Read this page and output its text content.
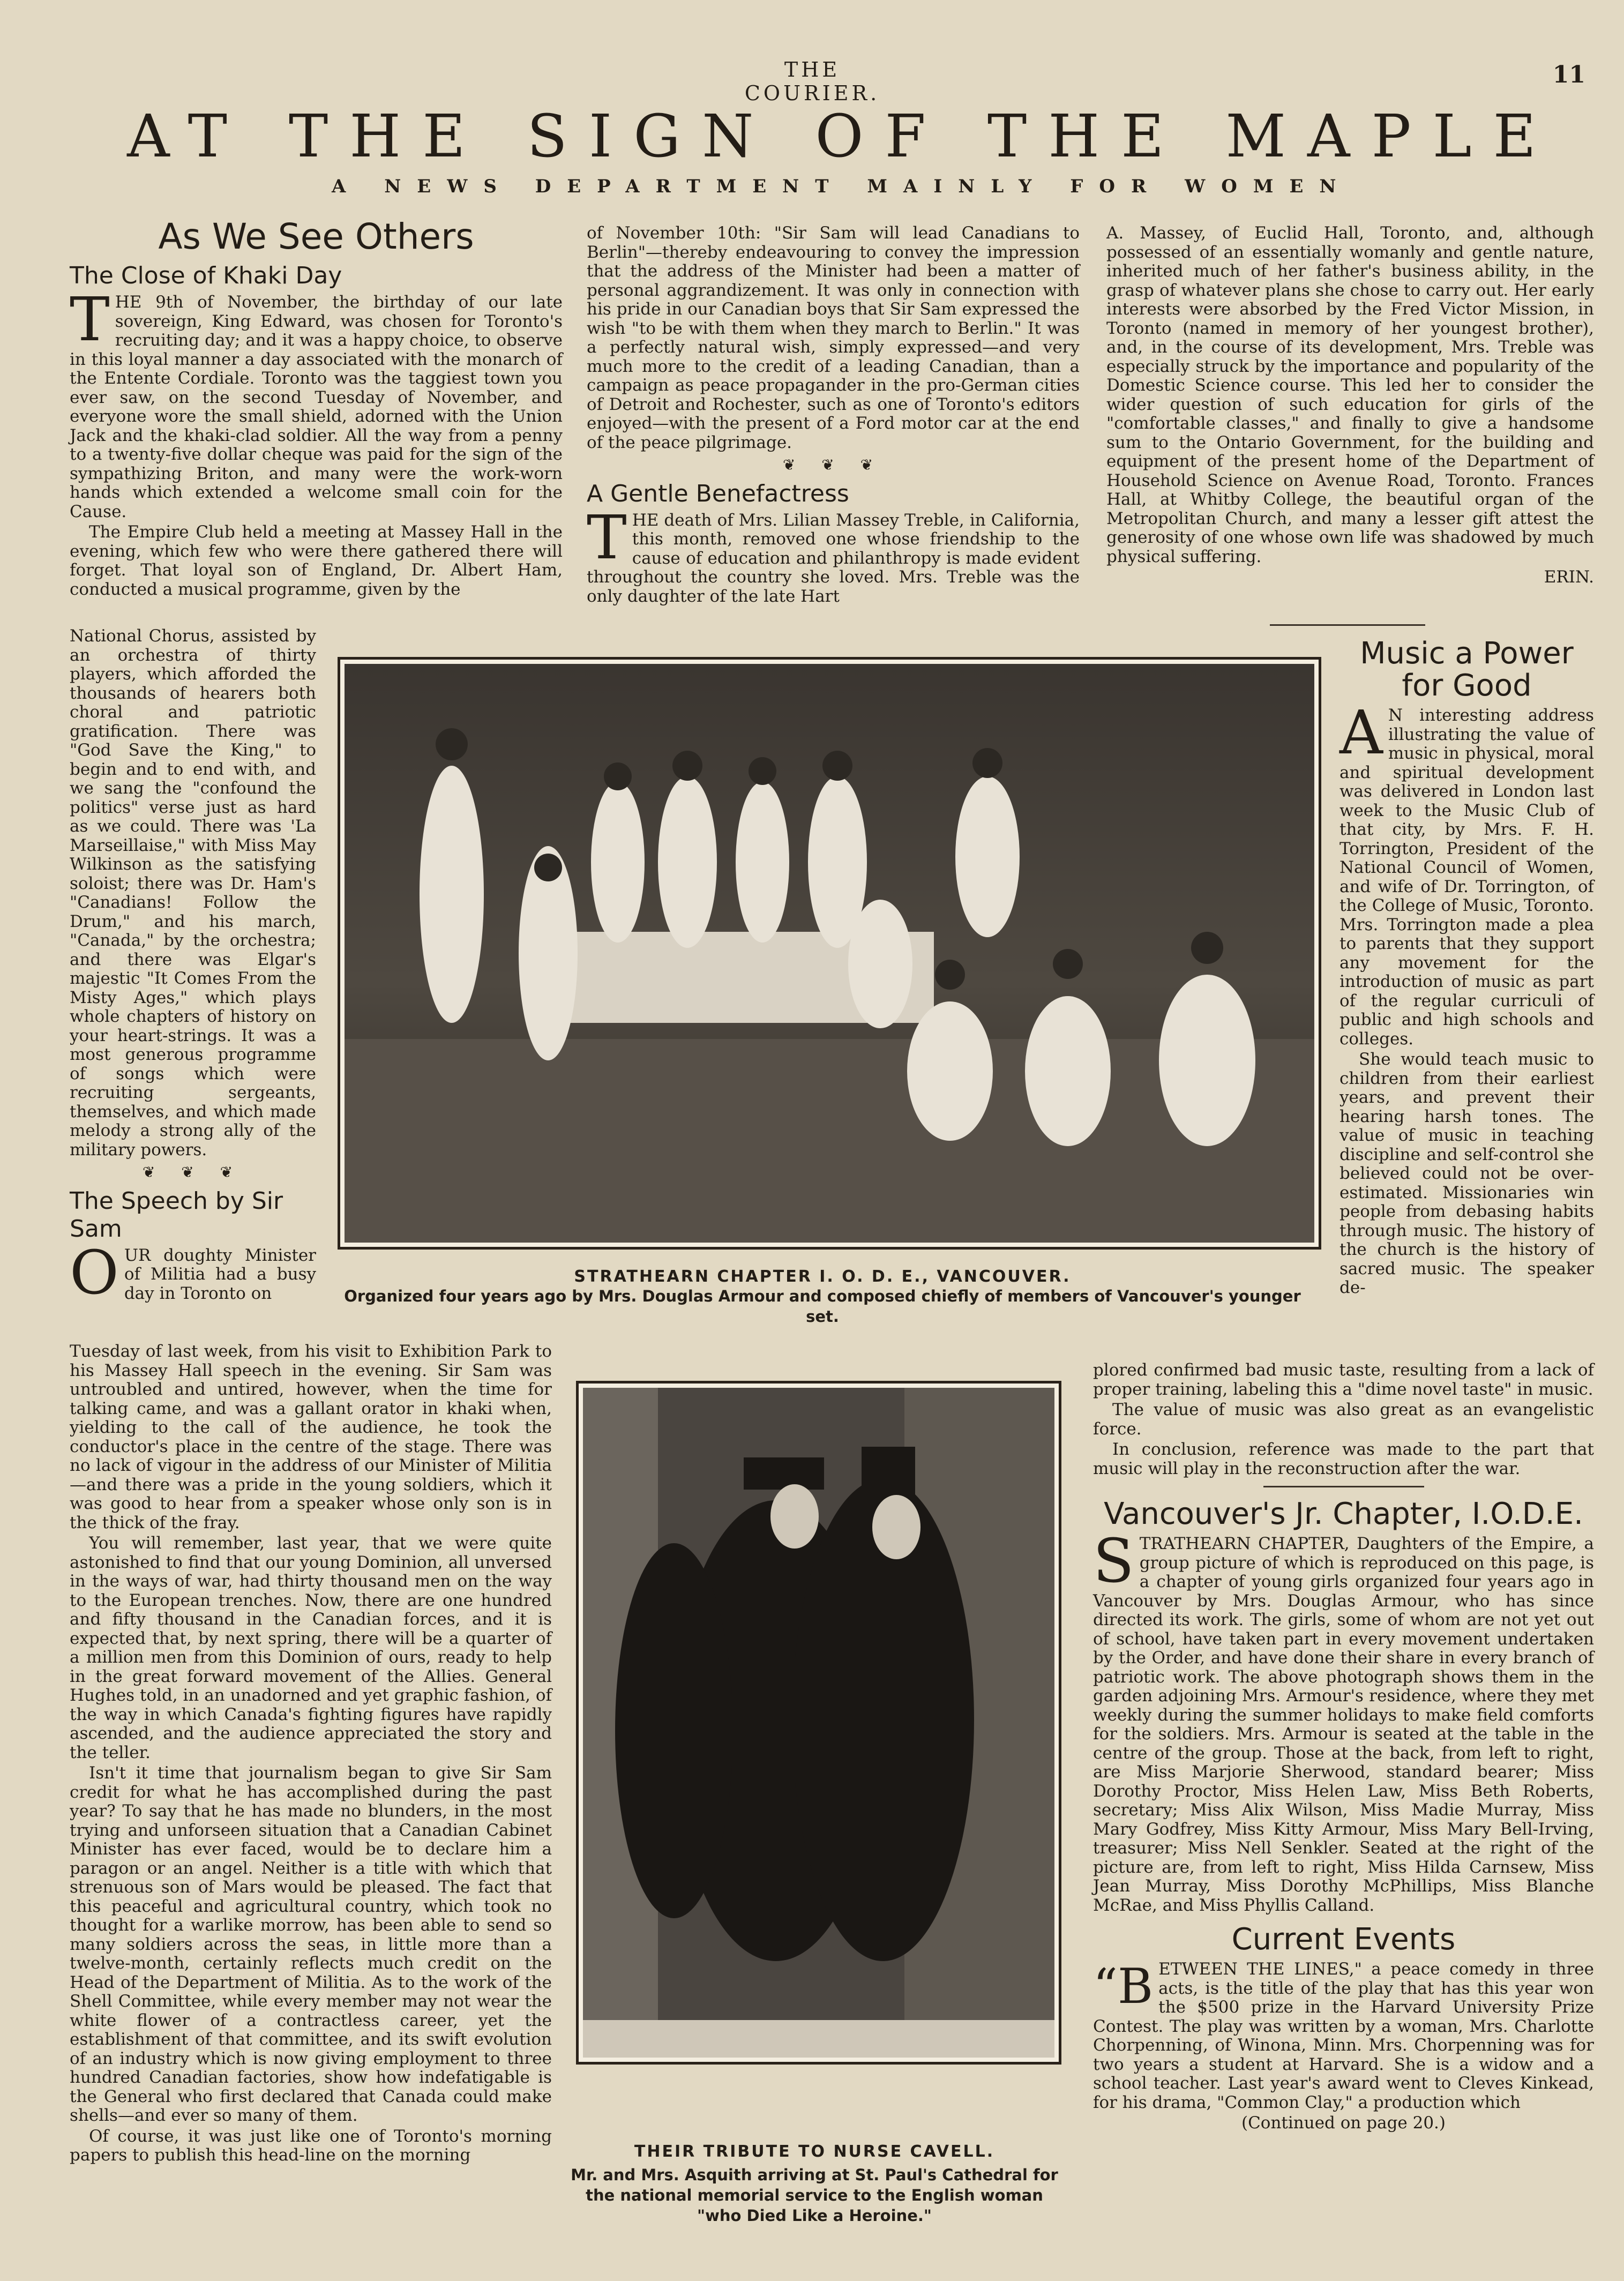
THE COURIER.
11
AT THE SIGN OF THE MAPLE
A NEWS DEPARTMENT MAINLY FOR WOMEN
As We See Others
The Close of Khaki Day

THE 9th of November, the birthday of our late sovereign, King Edward, was chosen for Toronto's recruiting day; and it was a happy choice, to observe in this loyal manner a day associated with the monarch of the Entente Cordiale. Toronto was the taggiest town you ever saw, on the second Tuesday of November, and everyone wore the small shield, adorned with the Union Jack and the khaki-clad soldier. All the way from a penny to a twenty-five dollar cheque was paid for the sign of the sympathizing Briton, and many were the work-worn hands which extended a welcome small coin for the Cause.

The Empire Club held a meeting at Massey Hall in the evening, which few who were there gathered there will forget. That loyal son of England, Dr. Albert Ham, conducted a musical programme, given by the

National Chorus, assisted by an orchestra of thirty players, which afforded the thousands of hearers both choral and patriotic gratification. There was "God Save the King," to begin and to end with, and we sang the "confound the politics" verse just as hard as we could. There was 'La Marseillaise," with Miss May Wilkinson as the satisfying soloist; there was Dr. Ham's "Canadians! Follow the Drum," and his march, "Canada," by the orchestra; and there was Elgar's majestic "It Comes From the Misty Ages," which plays whole chapters of history on your heart-strings. It was a most generous programme of songs which were recruiting sergeants, themselves, and which made melody a strong ally of the military powers.

❦ ❦ ❦
The Speech by Sir Sam

OUR doughty Minister of Militia had a busy day in Toronto on

Tuesday of last week, from his visit to Exhibition Park to his Massey Hall speech in the evening. Sir Sam was untroubled and untired, however, when the time for talking came, and was a gallant orator in khaki when, yielding to the call of the audience, he took the conductor's place in the centre of the stage. There was no lack of vigour in the address of our Minister of Militia—and there was a pride in the young soldiers, which it was good to hear from a speaker whose only son is in the thick of the fray.

You will remember, last year, that we were quite astonished to find that our young Dominion, all unversed in the ways of war, had thirty thousand men on the way to the European trenches. Now, there are one hundred and fifty thousand in the Canadian forces, and it is expected that, by next spring, there will be a quarter of a million men from this Dominion of ours, ready to help in the great forward movement of the Allies. General Hughes told, in an unadorned and yet graphic fashion, of the way in which Canada's fighting figures have rapidly ascended, and the audience appreciated the story and the teller.

Isn't it time that journalism began to give Sir Sam credit for what he has accomplished during the past year? To say that he has made no blunders, in the most trying and unforseen situation that a Canadian Cabinet Minister has ever faced, would be to declare him a paragon or an angel. Neither is a title with which that strenuous son of Mars would be pleased. The fact that this peaceful and agricultural country, which took no thought for a warlike morrow, has been able to send so many soldiers across the seas, in little more than a twelve-month, certainly reflects much credit on the Head of the Department of Militia. As to the work of the Shell Committee, while every member may not wear the white flower of a contractless career, yet the establishment of that committee, and its swift evolution of an industry which is now giving employment to three hundred Canadian factories, show how indefatigable is the General who first declared that Canada could make shells—and ever so many of them.

Of course, it was just like one of Toronto's morning papers to publish this head-line on the morning

of November 10th: "Sir Sam will lead Canadians to Berlin"—thereby endeavouring to convey the impression that the address of the Minister had been a matter of personal aggrandizement. It was only in connection with his pride in our Canadian boys that Sir Sam expressed the wish "to be with them when they march to Berlin." It was a perfectly natural wish, simply expressed—and very much more to the credit of a leading Canadian, than a campaign as peace propagander in the pro-German cities of Detroit and Rochester, such as one of Toronto's editors enjoyed—with the present of a Ford motor car at the end of the peace pilgrimage.

❦ ❦ ❦
A Gentle Benefactress

THE death of Mrs. Lilian Massey Treble, in California, this month, removed one whose friendship to the cause of education and philanthropy is made evident throughout the country she loved. Mrs. Treble was the only daughter of the late Hart

A. Massey, of Euclid Hall, Toronto, and, although possessed of an essentially womanly and gentle nature, inherited much of her father's business ability, in the grasp of whatever plans she chose to carry out. Her early interests were absorbed by the Fred Victor Mission, in Toronto (named in memory of her youngest brother), and, in the course of its development, Mrs. Treble was especially struck by the importance and popularity of the Domestic Science course. This led her to consider the wider question of such education for girls of the "comfortable classes," and finally to give a handsome sum to the Ontario Government, for the building and equipment of the present home of the Department of Household Science on Avenue Road, Toronto. Frances Hall, at Whitby College, the beautiful organ of the Metropolitan Church, and many a lesser gift attest the generosity of one whose own life was shadowed by much physical suffering.

ERIN.
Music a Power for Good

A N interesting address illustrating the value of music in physical, moral and spiritual development was delivered in London last week to the Music Club of that city, by Mrs. F. H. Torrington, President of the National Council of Women, and wife of Dr. Torrington, of the College of Music, Toronto. Mrs. Torrington made a plea to parents that they support any movement for the introduction of music as part of the regular curriculi of public and high schools and colleges.

She would teach music to children from their earliest years, and prevent their hearing harsh tones. The value of music in teaching discipline and self-control she believed could not be over-estimated. Missionaries win people from debasing habits through music. The history of the church is the history of sacred music. The speaker de-

plored confirmed bad music taste, resulting from a lack of proper training, labeling this a "dime novel taste" in music.

The value of music was also great as an evangelistic force.

In conclusion, reference was made to the part that music will play in the reconstruction after the war.

Vancouver's Jr. Chapter, I.O.D.E.

STRATHEARN CHAPTER, Daughters of the Empire, a group picture of which is reproduced on this page, is a chapter of young girls organized four years ago in Vancouver by Mrs. Douglas Armour, who has since directed its work. The girls, some of whom are not yet out of school, have taken part in every movement undertaken by the Order, and have done their share in every branch of patriotic work. The above photograph shows them in the garden adjoining Mrs. Armour's residence, where they met weekly during the summer holidays to make field comforts for the soldiers. Mrs. Armour is seated at the table in the centre of the group. Those at the back, from left to right, are Miss Marjorie Sherwood, standard bearer; Miss Dorothy Proctor, Miss Helen Law, Miss Beth Roberts, secretary; Miss Alix Wilson, Miss Madie Murray, Miss Mary Godfrey, Miss Kitty Armour, Miss Mary Bell-Irving, treasurer; Miss Nell Senkler. Seated at the right of the picture are, from left to right, Miss Hilda Carnsew, Miss Jean Murray, Miss Dorothy McPhillips, Miss Blanche McRae, and Miss Phyllis Calland.

Current Events

“BETWEEN THE LINES," a peace comedy in three acts, is the title of the play that has this year won the $500 prize in the Harvard University Prize Contest. The play was written by a woman, Mrs. Charlotte Chorpenning, of Winona, Minn. Mrs. Chorpenning was for two years a student at Harvard. She is a widow and a school teacher. Last year's award went to Cleves Kinkead, for his drama, "Common Clay," a production which

(Continued on page 20.)
STRATHEARN CHAPTER I. O. D. E., VANCOUVER.
Organized four years ago by Mrs. Douglas Armour and composed chiefly of members of Vancouver's younger set.
THEIR TRIBUTE TO NURSE CAVELL.
Mr. and Mrs. Asquith arriving at St. Paul's Cathedral for the national memorial service to the English woman "who Died Like a Heroine."
